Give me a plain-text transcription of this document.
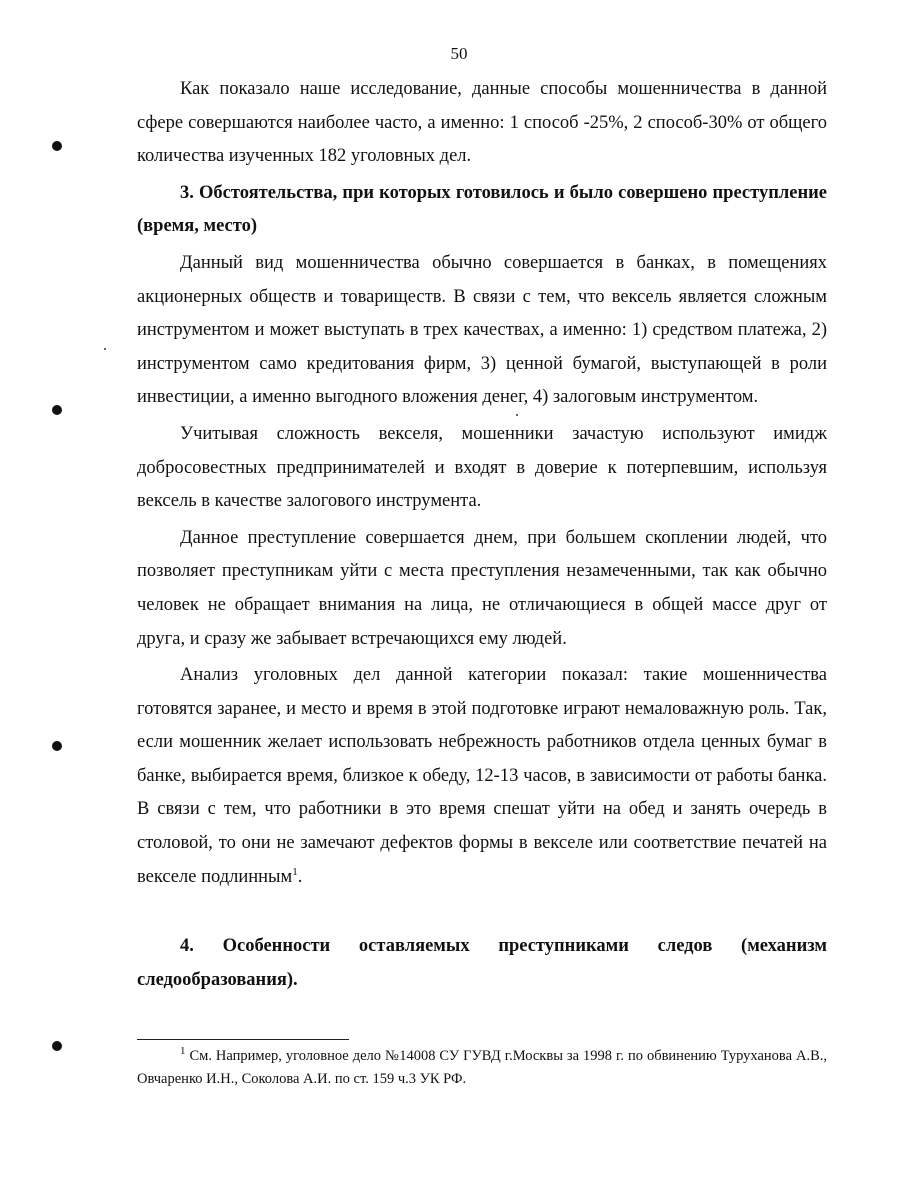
50

Как показало наше исследование, данные способы мошенничества в данной сфере совершаются наиболее часто, а именно: 1 способ -25%, 2 способ-30% от общего количества изученных 182 уголовных дел.

3. Обстоятельства, при которых готовилось и было совершено преступление (время, место)

Данный вид мошенничества обычно совершается в банках, в помещениях акционерных обществ и товариществ. В связи с тем, что вексель является сложным инструментом и может выступать в трех качествах, а именно: 1) средством платежа, 2) инструментом само кредитования фирм, 3) ценной бумагой, выступающей в роли инвестиции, а именно выгодного вложения денег, 4) залоговым инструментом.

Учитывая сложность векселя, мошенники зачастую используют имидж добросовестных предпринимателей и входят в доверие к потерпевшим, используя вексель в качестве залогового инструмента.

Данное преступление совершается днем, при большем скоплении людей, что позволяет преступникам уйти с места преступления незамеченными, так как обычно человек не обращает внимания на лица, не отличающиеся в общей массе друг от друга, и сразу же забывает встречающихся ему людей.

Анализ уголовных дел данной категории показал: такие мошенничества готовятся заранее, и место и время в этой подготовке играют немаловажную роль. Так, если мошенник желает использовать небрежность работников отдела ценных бумаг в банке, выбирается время, близкое к обеду, 12-13 часов, в зависимости от работы банка. В связи с тем, что работники в это время спешат уйти на обед и занять очередь в столовой, то они не замечают дефектов формы в векселе или соответствие печатей на векселе подлинным$^1$.

4. Особенности оставляемых преступниками следов (механизм следообразования).

$^1$ См. Например, уголовное дело №14008 СУ ГУВД г.Москвы за 1998 г. по обвинению Туруханова А.В., Овчаренко И.Н., Соколова А.И. по ст. 159 ч.3 УК РФ.
